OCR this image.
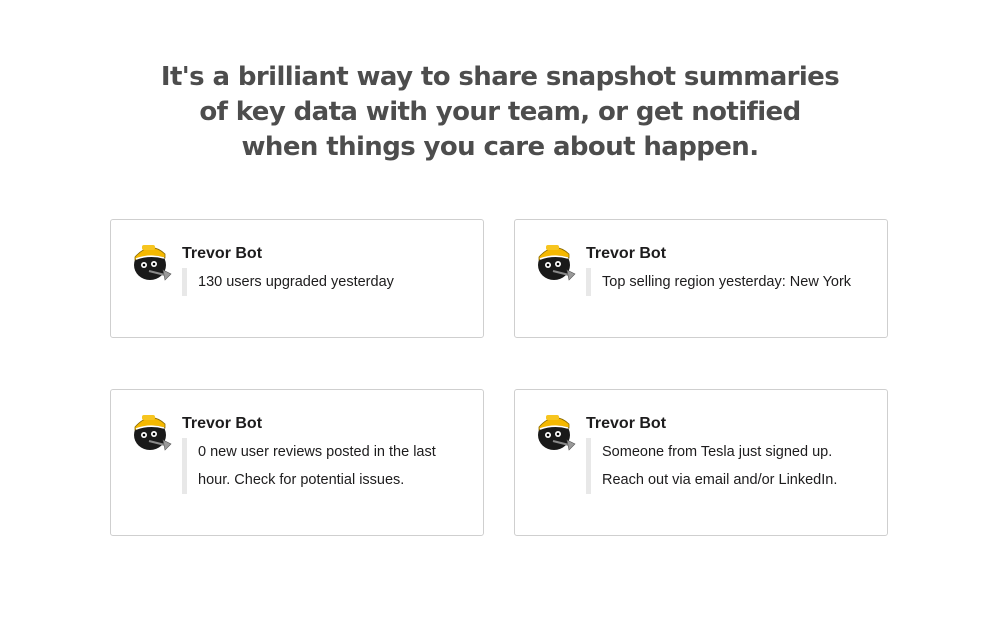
It's a brilliant way to share snapshot summaries
of key data with your team, or get notified
when things you care about happen.
Trevor Bot
130 users upgraded yesterday
Trevor Bot
Top selling region yesterday: New York
Trevor Bot
0 new user reviews posted in the last
hour. Check for potential issues.
Trevor Bot
Someone from Tesla just signed up.
Reach out via email and/or LinkedIn.
